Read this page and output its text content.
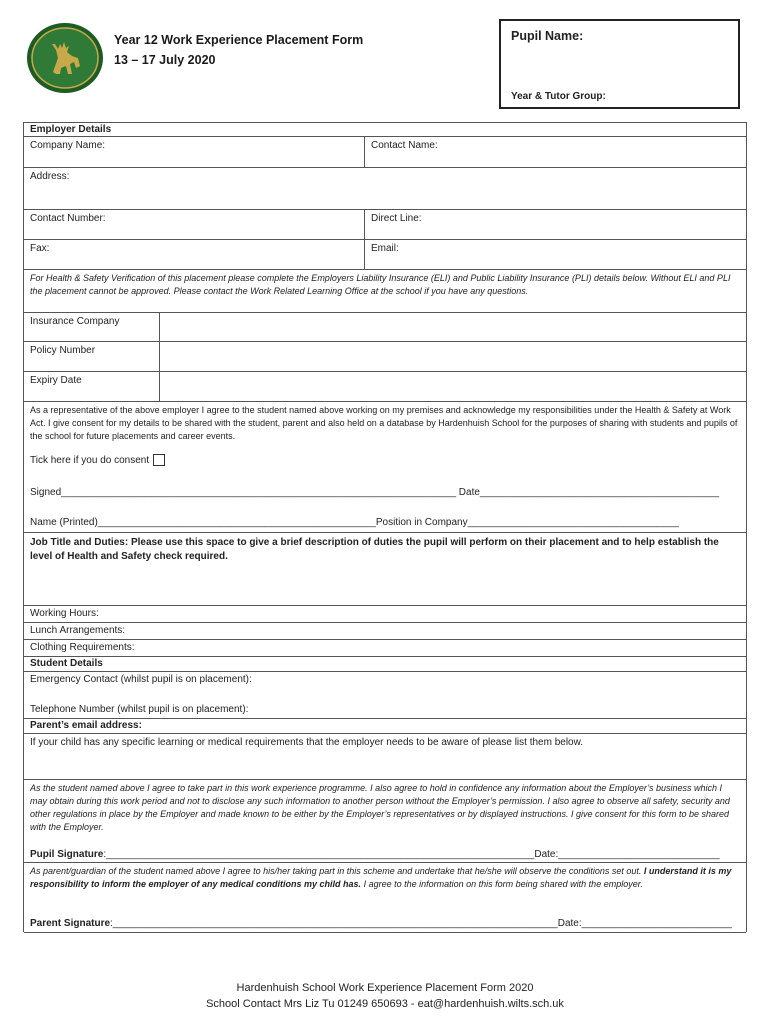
Year 12 Work Experience Placement Form
13 – 17 July 2020
Pupil Name:
Year & Tutor Group:
Employer Details
Company Name:	Contact Name:
Address:
Contact Number:	Direct Line:
Fax:	Email:
For Health & Safety Verification of this placement please complete the Employers Liability Insurance (ELI) and Public Liability Insurance (PLI) details below. Without ELI and PLI the placement cannot be approved. Please contact the Work Related Learning Office at the school if you have any questions.
Insurance Company
Policy Number
Expiry Date
As a representative of the above employer I agree to the student named above working on my premises and acknowledge my responsibilities under the Health & Safety at Work Act. I give consent for my details to be shared with the student, parent and also held on a database by Hardenhuish School for the purposes of sharing with students and pupils of the school for future placements and career events.
Tick here if you do consent
Signed_______________________________________________________________________ Date___________________________________________
Name (Printed)__________________________________________________Position in Company______________________________________
Job Title and Duties: Please use this space to give a brief description of duties the pupil will perform on their placement and to help establish the level of Health and Safety check required.
Working Hours:
Lunch Arrangements:
Clothing Requirements:
Student Details
Emergency Contact (whilst pupil is on placement):
Telephone Number (whilst pupil is on placement):
Parent’s email address:
If your child has any specific learning or medical requirements that the employer needs to be aware of please list them below.
As the student named above I agree to take part in this work experience programme. I also agree to hold in confidence any information about the Employer’s business which I may obtain during this work period and not to disclose any such information to another person without the Employer’s permission. I also agree to observe all safety, security and other regulations in place by the Employer and made known to be either by the Employer’s representatives or by displayed instructions. I give consent for this form to be shared with the Employer.
Pupil Signature:_____________________________________________________________________________Date:_____________________________
As parent/guardian of the student named above I agree to his/her taking part in this scheme and undertake that he/she will observe the conditions set out. I understand it is my responsibility to inform the employer of any medical conditions my child has. I agree to the information on this form being shared with the employer.
Parent Signature:________________________________________________________________________________Date:___________________________
Hardenhuish School Work Experience Placement Form 2020
School Contact Mrs Liz Tu 01249 650693 - eat@hardenhuish.wilts.sch.uk
